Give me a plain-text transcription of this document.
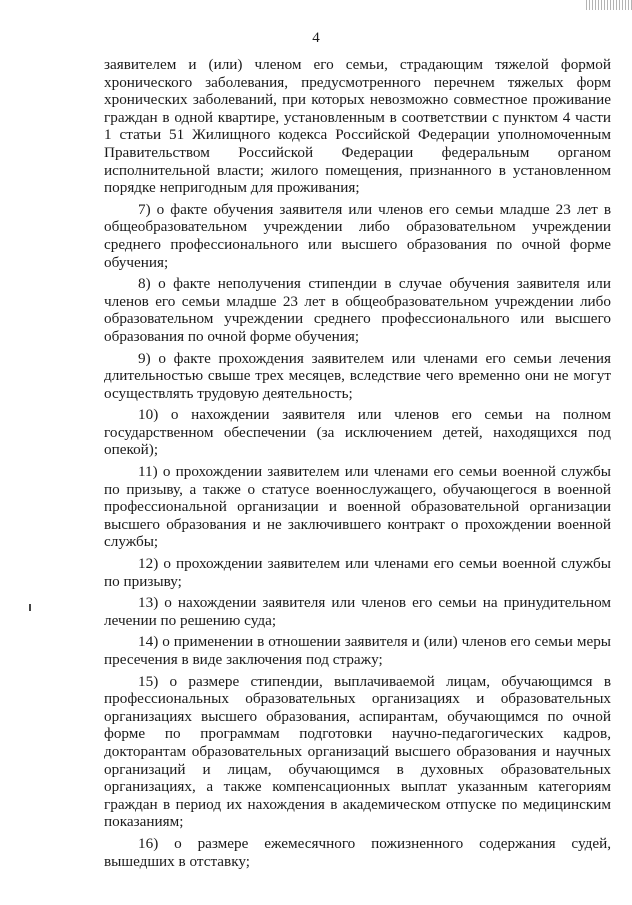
4

заявителем и (или) членом его семьи, страдающим тяжелой формой хронического заболевания, предусмотренного перечнем тяжелых форм хронических заболеваний, при которых невозможно совместное проживание граждан в одной квартире, установленным в соответствии с пунктом 4 части 1 статьи 51 Жилищного кодекса Российской Федерации уполномоченным Правительством Российской Федерации федеральным органом исполнительной власти; жилого помещения, признанного в установленном порядке непригодным для проживания;

7) о факте обучения заявителя или членов его семьи младше 23 лет в общеобразовательном учреждении либо образовательном учреждении среднего профессионального или высшего образования по очной форме обучения;

8) о факте неполучения стипендии в случае обучения заявителя или членов его семьи младше 23 лет в общеобразовательном учреждении либо образовательном учреждении среднего профессионального или высшего образования по очной форме обучения;

9) о факте прохождения заявителем или членами его семьи лечения длительностью свыше трех месяцев, вследствие чего временно они не могут осуществлять трудовую деятельность;

10) о нахождении заявителя или членов его семьи на полном государственном обеспечении (за исключением детей, находящихся под опекой);

11) о прохождении заявителем или членами его семьи военной службы по призыву, а также о статусе военнослужащего, обучающегося в военной профессиональной организации и военной образовательной организации высшего образования и не заключившего контракт о прохождении военной службы;

12) о прохождении заявителем или членами его семьи военной службы по призыву;

13) о нахождении заявителя или членов его семьи на принудительном лечении по решению суда;

14) о применении в отношении заявителя и (или) членов его семьи меры пресечения в виде заключения под стражу;

15) о размере стипендии, выплачиваемой лицам, обучающимся в профессиональных образовательных организациях и образовательных организациях высшего образования, аспирантам, обучающимся по очной форме по программам подготовки научно-педагогических кадров, докторантам образовательных организаций высшего образования и научных организаций и лицам, обучающимся в духовных образовательных организациях, а также компенсационных выплат указанным категориям граждан в период их нахождения в академическом отпуске по медицинским показаниям;

16) о размере ежемесячного пожизненного содержания судей, вышедших в отставку;
